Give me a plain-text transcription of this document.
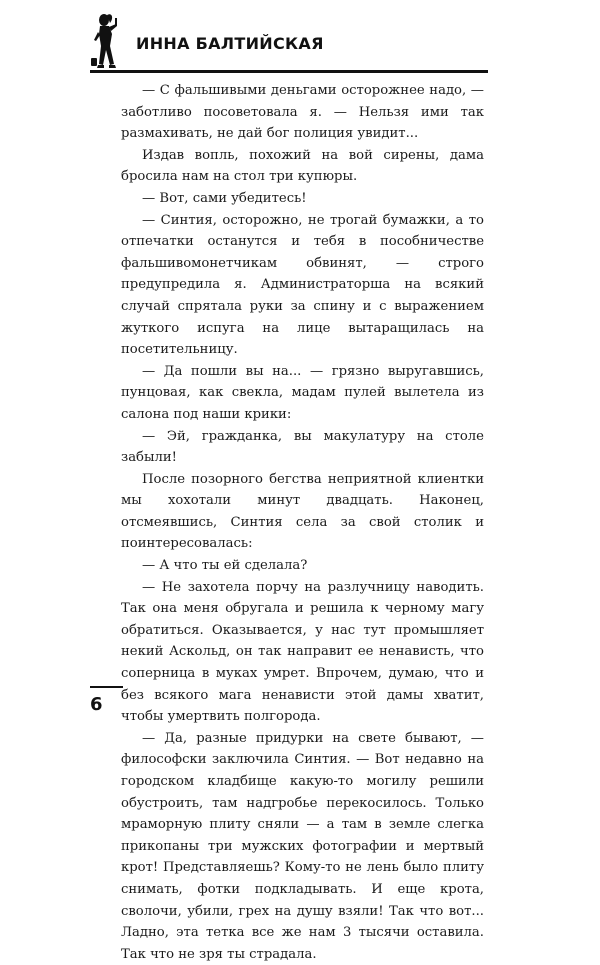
ИННА БАЛТИЙСКАЯ

— С фальшивыми деньгами осторожнее надо, — заботливо посоветовала я. — Нельзя ими так размахивать, не дай бог полиция увидит...

Издав вопль, похожий на вой сирены, дама бросила нам на стол три купюры.

— Вот, сами убедитесь!

— Синтия, осторожно, не трогай бумажки, а то отпечатки останутся и тебя в пособничестве фальшивомонетчикам обвинят, — строго предупредила я. Администраторша на всякий случай спрятала руки за спину и с выражением жуткого испуга на лице вытаращилась на посетительницу.

— Да пошли вы на... — грязно выругавшись, пунцовая, как свекла, мадам пулей вылетела из салона под наши крики:

— Эй, гражданка, вы макулатуру на столе забыли!

После позорного бегства неприятной клиентки мы хохотали минут двадцать. Наконец, отсмеявшись, Синтия села за свой столик и поинтересовалась:

— А что ты ей сделала?

— Не захотела порчу на разлучницу наводить. Так она меня обругала и решила к черному магу обратиться. Оказывается, у нас тут промышляет некий Аскольд, он так направит ее ненависть, что соперница в муках умрет. Впрочем, думаю, что и без всякого мага ненависти этой дамы хватит, чтобы умертвить полгорода.

— Да, разные придурки на свете бывают, — философски заключила Синтия. — Вот недавно на городском кладбище какую-то могилу решили обустроить, там надгробье перекосилось. Только мраморную плиту сняли — а там в земле слегка прикопаны три мужских фотографии и мертвый крот! Представляешь? Кому-то не лень было плиту снимать, фотки подкладывать. И еще крота, сволочи, убили, грех на душу взяли! Так что вот... Ладно, эта тетка все же нам 3 тысячи оставила. Так что не зря ты страдала.

6
